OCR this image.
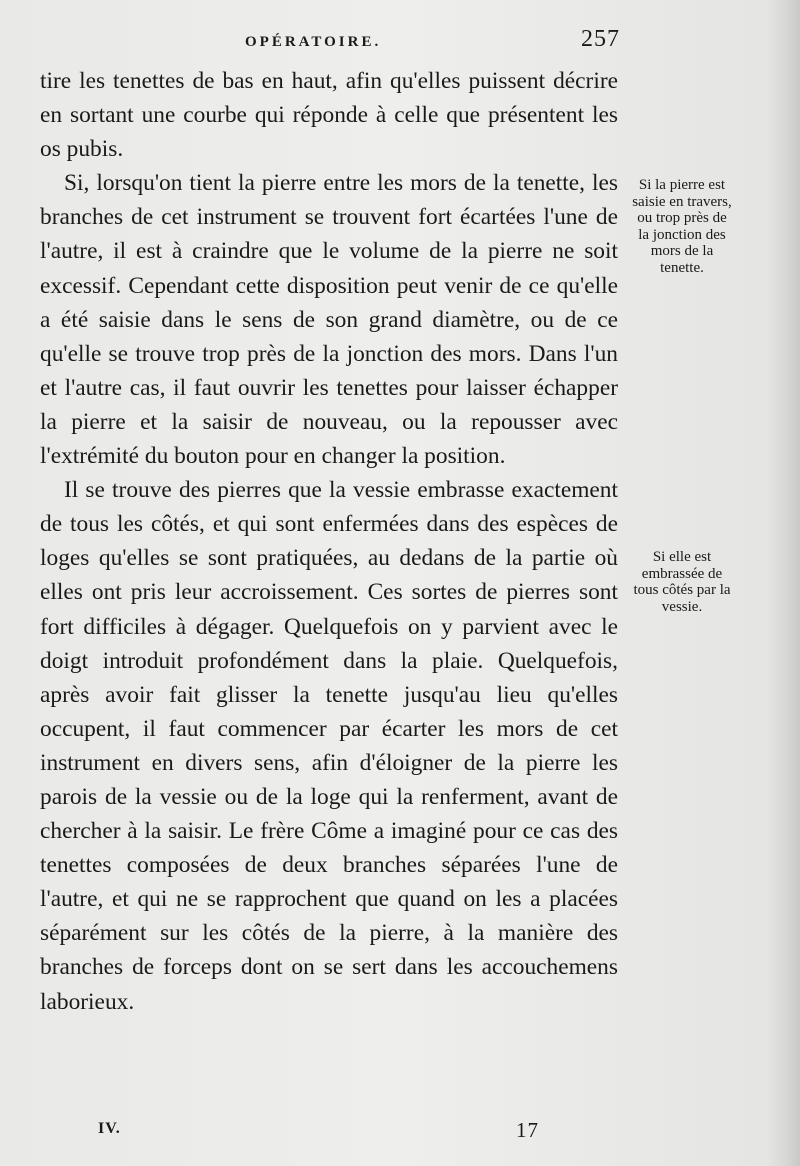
OPÉRATOIRE.	257

tire les tenettes de bas en haut, afin qu'elles puissent décrire en sortant une courbe qui réponde à celle que présentent les os pubis.

Si, lorsqu'on tient la pierre entre les mors de la tenette, les branches de cet instrument se trouvent fort écartées l'une de l'autre, il est à craindre que le volume de la pierre ne soit excessif. Cependant cette disposition peut venir de ce qu'elle a été saisie dans le sens de son grand diamètre, ou de ce qu'elle se trouve trop près de la jonction des mors. Dans l'un et l'autre cas, il faut ouvrir les tenettes pour laisser échapper la pierre et la saisir de nouveau, ou la repousser avec l'extrémité du bouton pour en changer la position.

Il se trouve des pierres que la vessie embrasse exactement de tous les côtés, et qui sont enfermées dans des espèces de loges qu'elles se sont pratiquées, au dedans de la partie où elles ont pris leur accroissement. Ces sortes de pierres sont fort difficiles à dégager. Quelquefois on y parvient avec le doigt introduit profondément dans la plaie. Quelquefois, après avoir fait glisser la tenette jusqu'au lieu qu'elles occupent, il faut commencer par écarter les mors de cet instrument en divers sens, afin d'éloigner de la pierre les parois de la vessie ou de la loge qui la renferment, avant de chercher à la saisir. Le frère Côme a imaginé pour ce cas des tenettes composées de deux branches séparées l'une de l'autre, et qui ne se rapprochent que quand on les a placées séparément sur les côtés de la pierre, à la manière des branches de forceps dont on se sert dans les accouchemens laborieux.

Si la pierre est saisie en travers, ou trop près de la jonction des mors de la tenette.
Si elle est embrassée de tous côtés par la vessie.
IV.	17
